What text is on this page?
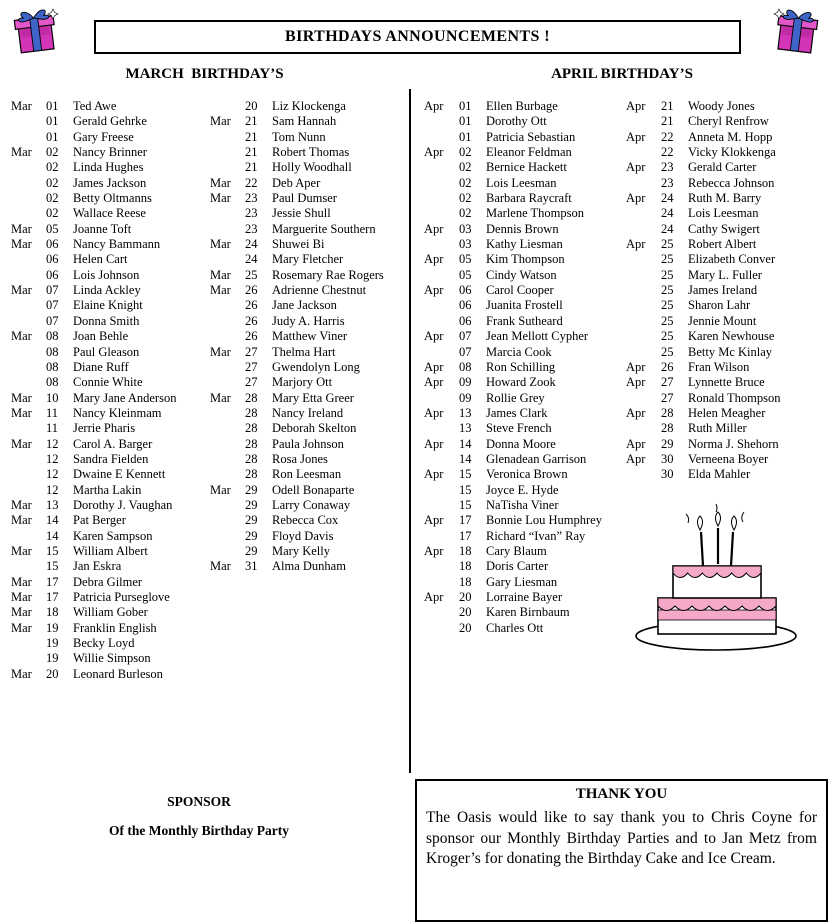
BIRTHDAYS ANNOUNCEMENTS !
MARCH  BIRTHDAY’S	APRIL BIRTHDAY’S
Mar	01	Ted Awe
01	Gerald Gehrke
01	Gary Freese
Mar	02	Nancy Brinner
02	Linda Hughes
02	James Jackson
02	Betty Oltmanns
02	Wallace Reese
Mar	05	Joanne Toft
Mar	06	Nancy Bammann
06	Helen Cart
06	Lois Johnson
Mar	07	Linda Ackley
07	Elaine Knight
07	Donna Smith
Mar	08	Joan Behle
08	Paul Gleason
08	Diane Ruff
08	Connie White
Mar	10	Mary Jane Anderson
Mar	11	Nancy Kleinmam
11	Jerrie Pharis
Mar	12	Carol A. Barger
12	Sandra Fielden
12	Dwaine E Kennett
12	Martha Lakin
Mar	13	Dorothy J. Vaughan
Mar	14	Pat Berger
14	Karen Sampson
Mar	15	William Albert
15	Jan Eskra
Mar	17	Debra Gilmer
Mar	17	Patricia Purseglove
Mar	18	William Gober
Mar	19	Franklin English
19	Becky Loyd
19	Willie Simpson
Mar	20	Leonard Burleson
20	Liz Klockenga
Mar	21	Sam Hannah
21	Tom Nunn
21	Robert Thomas
21	Holly Woodhall
Mar	22	Deb Aper
Mar	23	Paul Dumser
23	Jessie Shull
23	Marguerite Southern
Mar	24	Shuwei Bi
24	Mary Fletcher
Mar	25	Rosemary Rae Rogers
Mar	26	Adrienne Chestnut
26	Jane Jackson
26	Judy A. Harris
26	Matthew Viner
Mar	27	Thelma Hart
27	Gwendolyn Long
27	Marjory Ott
Mar	28	Mary Etta Greer
28	Nancy Ireland
28	Deborah Skelton
28	Paula Johnson
28	Rosa Jones
28	Ron Leesman
Mar	29	Odell Bonaparte
29	Larry Conaway
29	Rebecca Cox
29	Floyd Davis
29	Mary Kelly
Mar	31	Alma Dunham
Apr	01	Ellen Burbage
01	Dorothy Ott
01	Patricia Sebastian
Apr	02	Eleanor Feldman
02	Bernice Hackett
02	Lois Leesman
02	Barbara Raycraft
02	Marlene Thompson
Apr	03	Dennis Brown
03	Kathy Liesman
Apr	05	Kim Thompson
05	Cindy Watson
Apr	06	Carol Cooper
06	Juanita Frostell
06	Frank Sutheard
Apr	07	Jean Mellott Cypher
07	Marcia Cook
Apr	08	Ron Schilling
Apr	09	Howard Zook
09	Rollie Grey
Apr	13	James Clark
13	Steve French
Apr	14	Donna Moore
14	Glenadean Garrison
Apr	15	Veronica Brown
15	Joyce E. Hyde
15	NaTisha Viner
Apr	17	Bonnie Lou Humphrey
17	Richard “Ivan” Ray
Apr	18	Cary Blaum
18	Doris Carter
18	Gary Liesman
Apr	20	Lorraine Bayer
20	Karen Birnbaum
20	Charles Ott
Apr	21	Woody Jones
21	Cheryl Renfrow
Apr	22	Anneta M. Hopp
22	Vicky Klokkenga
Apr	23	Gerald Carter
23	Rebecca Johnson
Apr	24	Ruth M. Barry
24	Lois Leesman
24	Cathy Swigert
Apr	25	Robert Albert
25	Elizabeth Conver
25	Mary L. Fuller
25	James Ireland
25	Sharon Lahr
25	Jennie Mount
25	Karen Newhouse
25	Betty Mc Kinlay
Apr	26	Fran Wilson
Apr	27	Lynnette Bruce
27	Ronald Thompson
Apr	28	Helen Meagher
28	Ruth Miller
Apr	29	Norma J. Shehorn
Apr	30	Verneena Boyer
30	Elda Mahler
SPONSOR
Of the Monthly Birthday Party
THANK YOU
The Oasis would like to say thank you to Chris Coyne for sponsor our Monthly Birthday Parties and to Jan Metz from Kroger’s for donating the Birthday Cake and Ice Cream.
